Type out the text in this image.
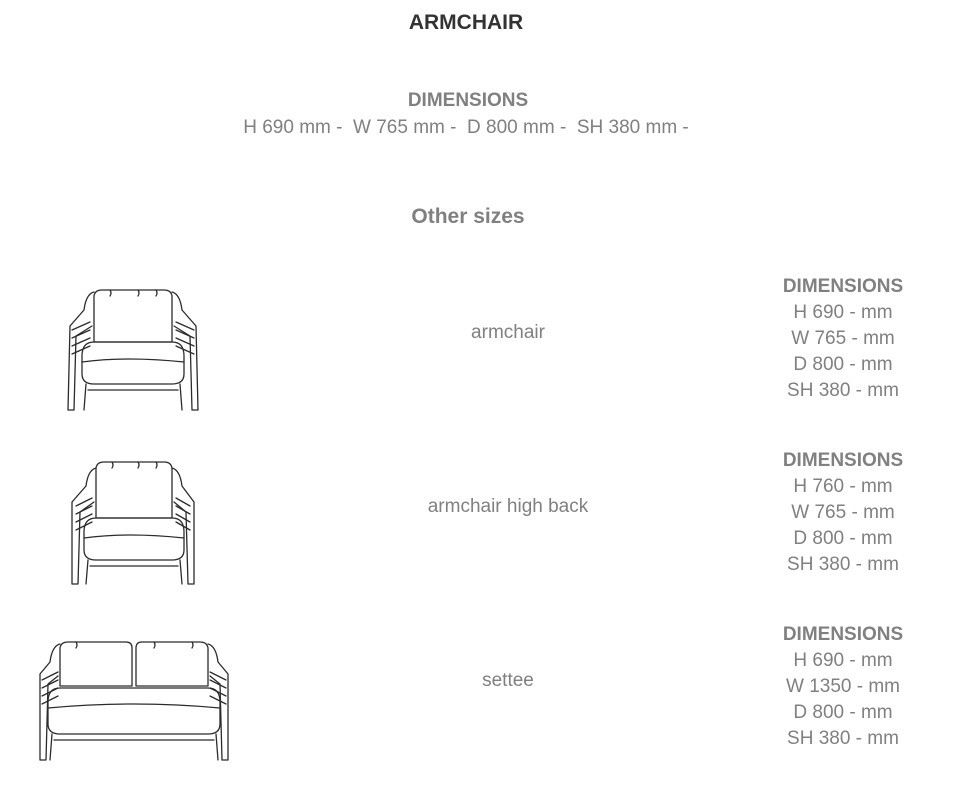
ARMCHAIR
DIMENSIONS
H 690 mm -  W 765 mm -  D 800 mm -  SH 380 mm -
Other sizes
armchair
DIMENSIONS
H 690 - mm
W 765 - mm
D 800 - mm
SH 380 - mm
armchair high back
DIMENSIONS
H 760 - mm
W 765 - mm
D 800 - mm
SH 380 - mm
settee
DIMENSIONS
H 690 - mm
W 1350 - mm
D 800 - mm
SH 380 - mm
